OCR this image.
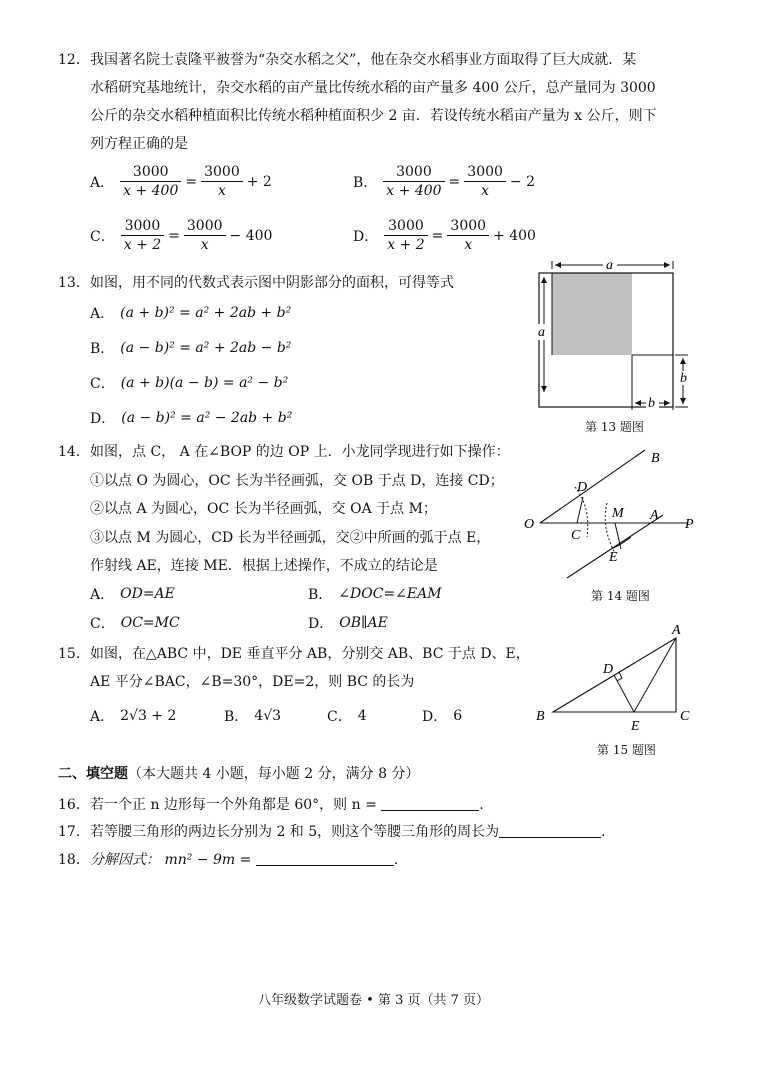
12． 我国著名院士袁隆平被誉为“杂交水稻之父”，他在杂交水稻事业方面取得了巨大成就．某
水稻研究基地统计，杂交水稻的亩产量比传统水稻的亩产量多 400 公斤，总产量同为 3000
公斤的杂交水稻种植面积比传统水稻种植面积少 2 亩．若设传统水稻亩产量为 x 公斤，则下
列方程正确的是
A． $\frac{3000}{x + 400} = \frac{3000}{x} + 2$	B． $\frac{3000}{x + 400} = \frac{3000}{x} - 2$
C． $\frac{3000}{x + 2} = \frac{3000}{x} - 400$	D． $\frac{3000}{x + 2} = \frac{3000}{x} + 400$
13． 如图，用不同的代数式表示图中阴影部分的面积，可得等式
A． (a + b)² = a² + 2ab + b²
B． (a − b)² = a² + 2ab − b²
C． (a + b)(a − b) = a² − b²
D． (a − b)² = a² − 2ab + b²
a
a
b
b
第 13 题图
14． 如图，点 C， A 在∠BOP 的边 OP 上．小龙同学现进行如下操作：
①以点 O 为圆心，OC 长为半径画弧，交 OB 于点 D，连接 CD；
②以点 A 为圆心，OC 长为半径画弧，交 OA 于点 M；
③以点 M 为圆心，CD 长为半径画弧，交②中所画的弧于点 E，
作射线 AE，连接 ME．根据上述操作，不成立的结论是
A． OD=AE	B． ∠DOC=∠EAM
C． OC=MC	D． OB∥AE
B
D
O
C
M A
P
E
第 14 题图
15． 如图，在△ABC 中，DE 垂直平分 AB，分别交 AB、BC 于点 D、E，
AE 平分∠BAC，∠B=30°，DE=2，则 BC 的长为
A． 2√3 + 2	B． 4√3	C． 4	D． 6
A
D
B
E
C
第 15 题图
二、填空题（本大题共 4 小题，每小题 2 分，满分 8 分）
16． 若一个正 n 边形每一个外角都是 60°，则 n =	.
17． 若等腰三角形的两边长分别为 2 和 5，则这个等腰三角形的周长为	.
18． 分解因式： mn² − 9m =	.
八年级数学试题卷 • 第 3 页（共 7 页）
